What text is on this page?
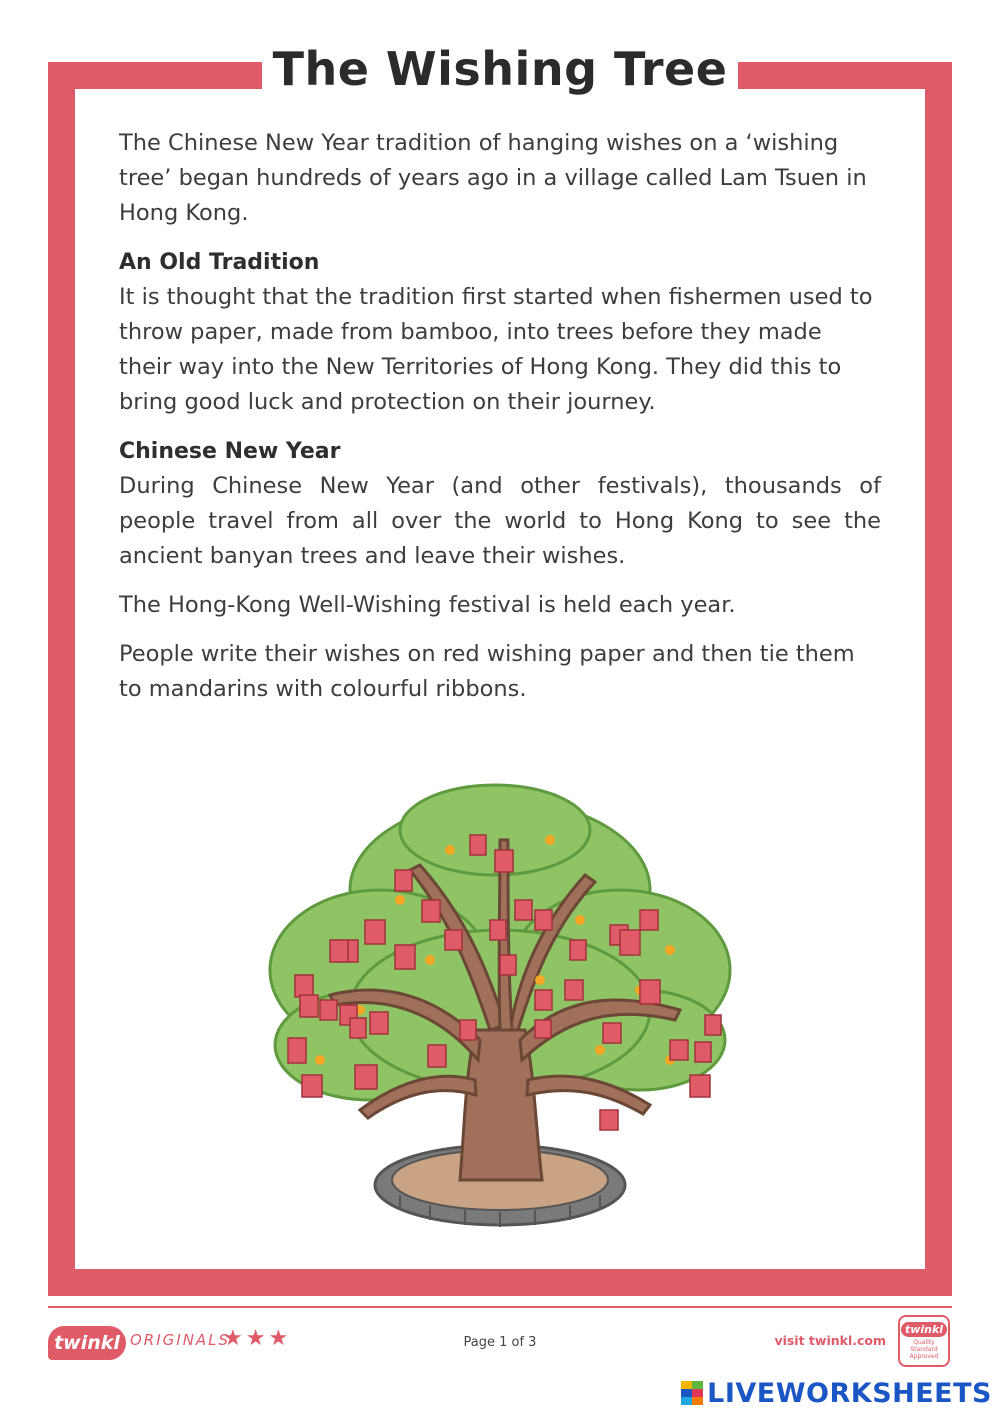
The Wishing Tree

The Chinese New Year tradition of hanging wishes on a ‘wishing tree’ began hundreds of years ago in a village called Lam Tsuen in Hong Kong.

An Old Tradition

It is thought that the tradition first started when fishermen used to throw paper, made from bamboo, into trees before they made their way into the New Territories of Hong Kong. They did this to bring good luck and protection on their journey.

Chinese New Year

During Chinese New Year (and other festivals), thousands of people travel from all over the world to Hong Kong to see the ancient banyan trees and leave their wishes.

The Hong-Kong Well-Wishing festival is held each year.

People write their wishes on red wishing paper and then tie them to mandarins with colourful ribbons.

twinkl ORIGINALS
★★★	Page 1 of 3	visit twinkl.com
twinkl
Quality Standard Approved
LIVEWORKSHEETS
